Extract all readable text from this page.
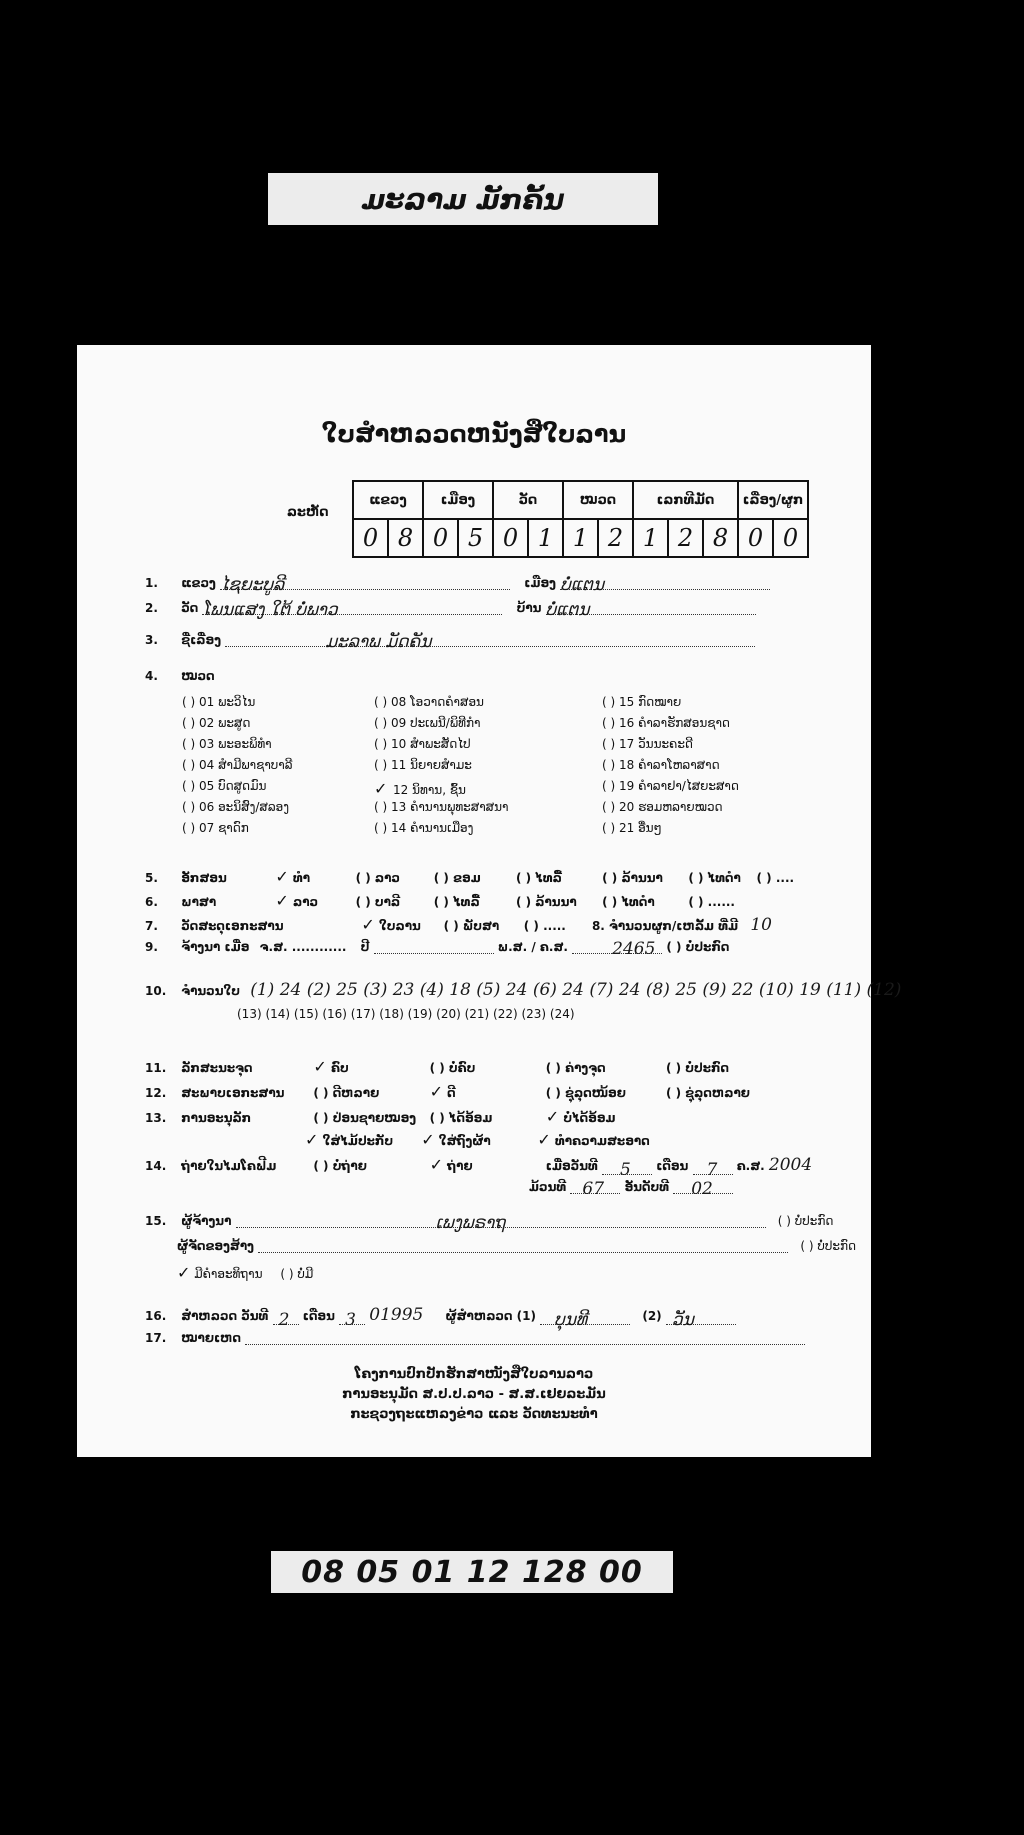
ມະລາມ ມັກຄັ້ນ
ໃບສຳຫລວດຫນັງສືໃບລານ
ລະຫັດ
ແຂວງ		ເມືອງ		ວັດ		ໝວດ		ເລກທີມັດ			ເລື່ອງ/ຜູກ	
0	8	0	5	0	1	1	2	1	2	8	0	0
1. ແຂວງ ໄຊຍະບູລີ	ເມືອງ ບໍ່ແຕນ
2. ວັດ ໂພນແສງ ໃຕ້ ບ່ໍພາວ	ບ້ານ ບໍ່ແຕນ
3. ຊື່ເລື່ອງ	ມະລາພ ມັດຄັນ
4. ໝວດ
( ) 01 ພະວິໄນ	( ) 08 ໂອວາດຄຳສອນ	( ) 15 ກົດໝາຍ
( ) 02 ພະສູດ	( ) 09 ປະເພນີ/ພິທີກຳ	( ) 16 ຄຳລາຮັກສອນຊາດ
( ) 03 ພະອະພິທຳ	( ) 10 ສຳພະສັດໄປ	( ) 17 ວັນນະຄະດີ
( ) 04 ສຳມີພາຊາບາລີ	( ) 11 ນິຍາຍສຳມະ	( ) 18 ຄຳລາໂຫລາສາດ
( ) 05 ບົດສູດມົນ	✓ 12 ນິທານ, ຊົ້ນ	( ) 19 ຄຳລາຢາ/ໄສຍະສາດ
( ) 06 ອະນິສົງ/ສລອງ	( ) 13 ຄຳນານພຸທະສາສນາ	( ) 20 ຮອມຫລາຍໝວດ
( ) 07 ຊາດົກ	( ) 14 ຄຳນານເມືອງ	( ) 21 ອື່ນໆ
5. ອັກສອນ	✓ ທຳ	( ) ລາວ	( ) ຂອມ	( ) ໄທລື້	( ) ລ້ານນາ ( ) ໄທດຳ ( ) ....
6. ພາສາ	✓ ລາວ	( ) ບາລີ	( ) ໄທລື້	( ) ລ້ານນາ ( ) ໄທດຳ	( ) ......
7. ວັດສະດຸເອກະສານ	✓ ໃບລານ ( ) ພັບສາ ( ) ..... 8. ຈຳນວນຜູກ/ເຫລັ້ມ ທີ່ມີ 10
9. ຈ້າງນາ ເມື່ອ ຈ.ສ. ............ ປີ	ພ.ສ. / ຄ.ສ.	2465 ( ) ບໍ່ປະກົດ
10. ຈຳນວນໃບ (1) 24 (2) 25 (3) 23 (4) 18 (5) 24 (6) 24 (7) 24 (8) 25 (9) 22 (10) 19 (11) (12)
(13) (14) (15) (16) (17) (18) (19) (20) (21) (22) (23) (24)
11. ລັກສະນະຈຸດ	✓ ຄົບ	( ) ບໍ່ຄົບ	( ) ຄ່າງຈຸດ	( ) ບໍ່ປະກົດ
12. ສະພາບເອກະສານ ( ) ດີຫລາຍ	✓ ດີ	( ) ຊຸ່ລຸດໜ້ອຍ	( ) ຊຸ່ລຸດຫລາຍ
13. ການອະນຸລັກ	( ) ປ່ອນຊາຍໝອງ ( ) ໄດ້ອ້ອມ	✓ ບໍ່ໄດ້ອ້ອມ
✓ ໃສ່ໄມ້ປະກັບ ✓ ໃສ່ຖົງຜ້າ	✓ ທຳຄວາມສະອາດ
14. ຖ່າຍໃນໄມໂຄຟີມ	( ) ບໍ່ຖ່າຍ	✓ ຖ່າຍ	ເມື່ອວັນທີ 5 ເດືອນ 7 ຄ.ສ. 2004
ມ້ວນທີ 67 ອັນດັບທີ 02
15. ຜູ້ຈ້າງນາ	ເພງພຣາຖ	( ) ບໍ່ປະກົດ
ຜູ້ຈັດຂອງສ້າງ	( ) ບໍ່ປະກົດ
✓ ມີຄຳອະທິຖານ ( ) ບໍ່ມີ
16. ສຳຫລວດ ວັນທີ 2 ເດືອນ 3 01995 ຜູ້ສຳຫລວດ (1) ບຸນທີ	(2) ວັນ
17. ໝາຍເຫດ
ໂຄງການປົກປັກຮັກສາໜັງສືໃບລານລາວ
ການອະນຸມັດ ສ.ປ.ປ.ລາວ - ສ.ສ.ເຢຍລະມັນ
ກະຊວງຖະແຫລງຂ່າວ ແລະ ວັດທະນະທຳ
08 05 01 12 128 00
